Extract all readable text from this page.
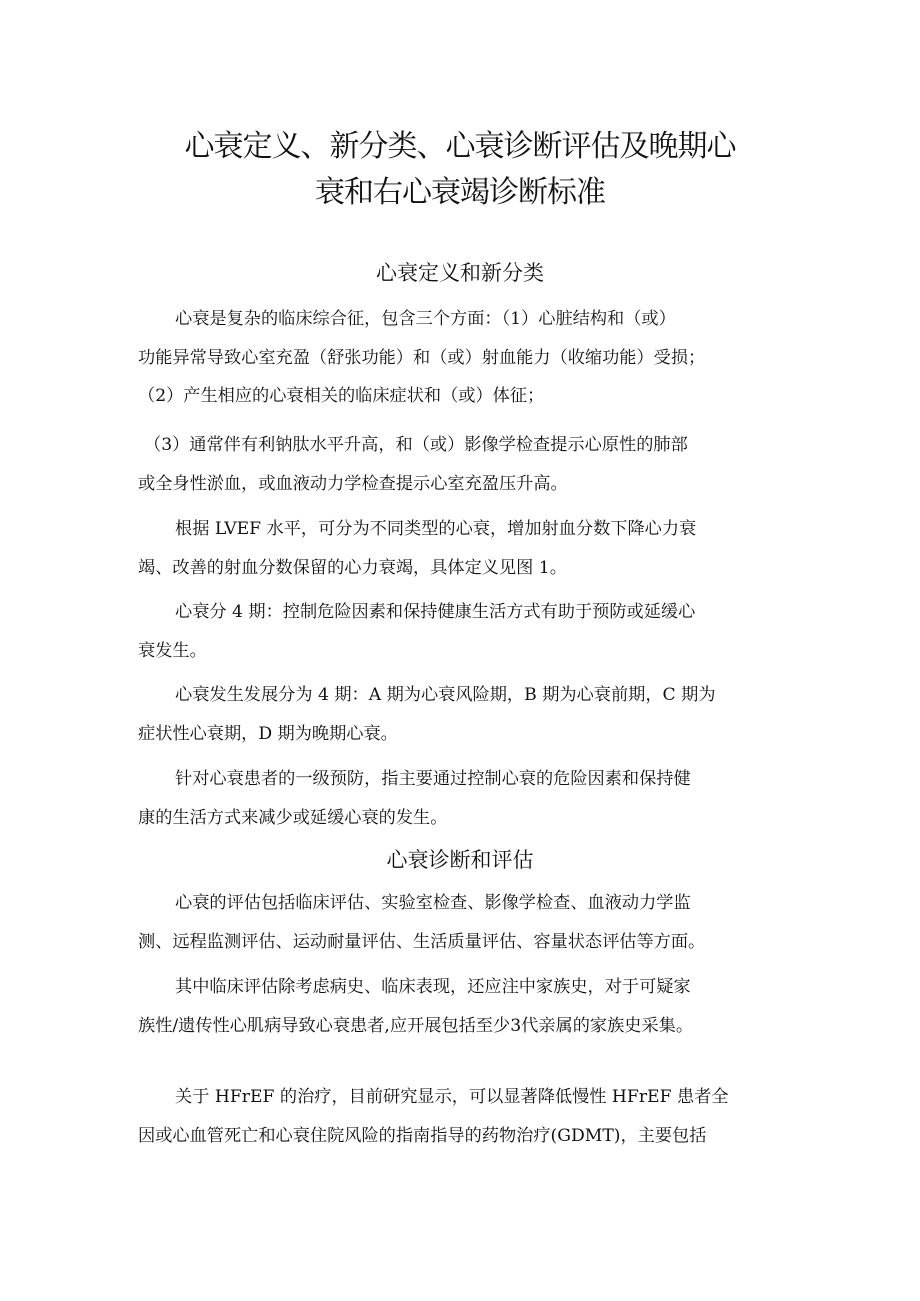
心衰定义、新分类、心衰诊断评估及晚期心
衰和右心衰竭诊断标准
心衰定义和新分类

心衰是复杂的临床综合征，包含三个方面：（1）心脏结构和（或）
功能异常导致心室充盈（舒张功能）和（或）射血能力（收缩功能）受损；

（2）产生相应的心衰相关的临床症状和（或）体征；

（3）通常伴有利钠肽水平升高，和（或）影像学检查提示心原性的肺部
或全身性淤血，或血液动力学检查提示心室充盈压升高。

根据 LVEF 水平，可分为不同类型的心衰，增加射血分数下降心力衰
竭、改善的射血分数保留的心力衰竭，具体定义见图 1。

心衰分 4 期：控制危险因素和保持健康生活方式有助于预防或延缓心
衰发生。

心衰发生发展分为 4 期：A 期为心衰风险期，B 期为心衰前期，C 期为
症状性心衰期，D 期为晚期心衰。

针对心衰患者的一级预防，指主要通过控制心衰的危险因素和保持健
康的生活方式来减少或延缓心衰的发生。

心衰诊断和评估

心衰的评估包括临床评估、实验室检查、影像学检查、血液动力学监
测、远程监测评估、运动耐量评估、生活质量评估、容量状态评估等方面。

其中临床评估除考虑病史、临床表现，还应注中家族史，对于可疑家
族性/遗传性心肌病导致心衰患者,应开展包括至少3代亲属的家族史采集。

关于 HFrEF 的治疗，目前研究显示，可以显著降低慢性 HFrEF 患者全
因或心血管死亡和心衰住院风险的指南指导的药物治疗(GDMT)，主要包括
